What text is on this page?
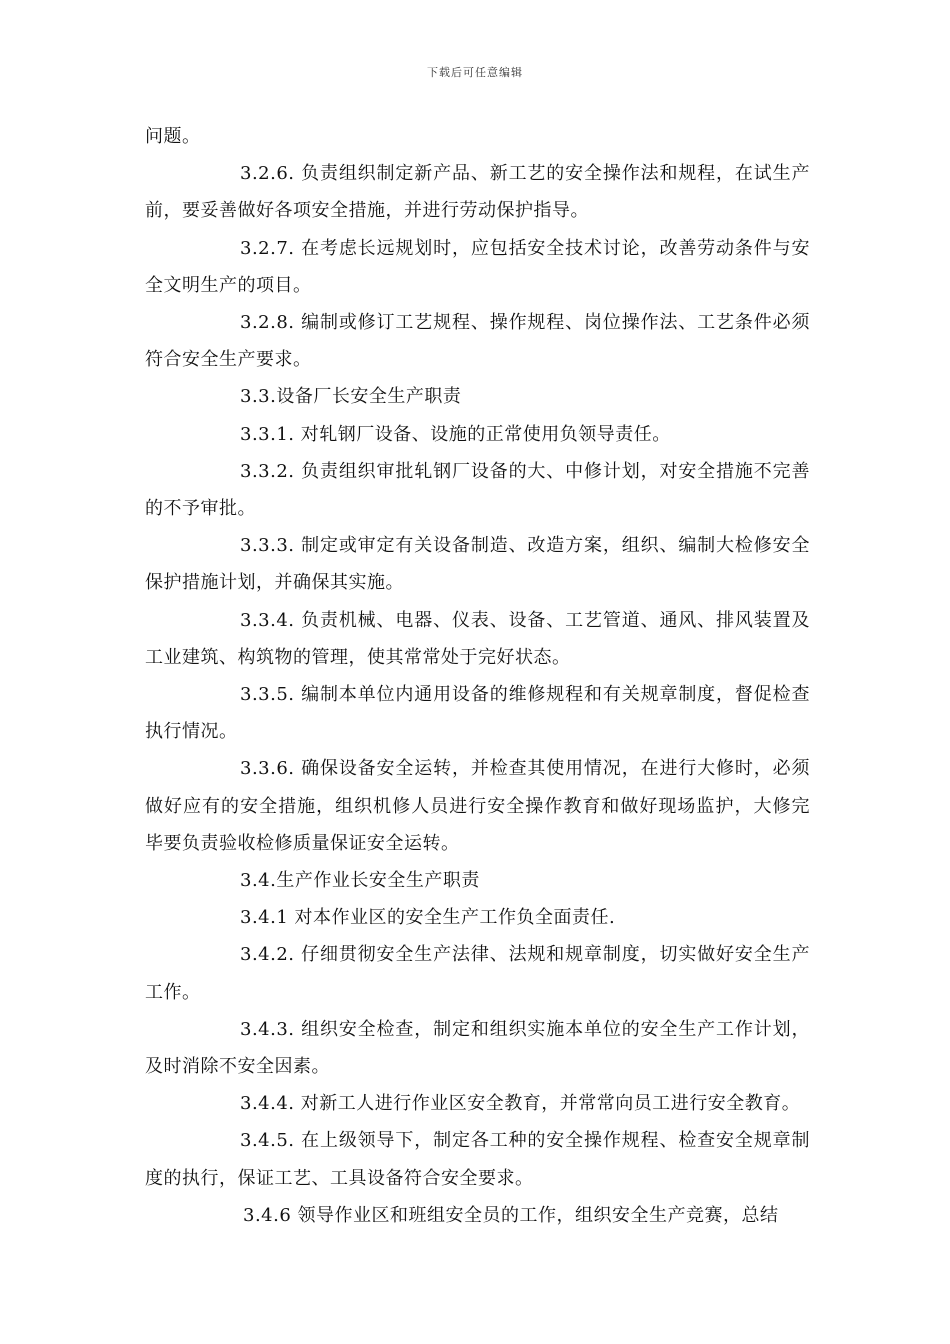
下载后可任意编辑

问题。

3.2.6. 负责组织制定新产品、新工艺的安全操作法和规程，在试生产前，要妥善做好各项安全措施，并进行劳动保护指导。

3.2.7. 在考虑长远规划时，应包括安全技术讨论，改善劳动条件与安全文明生产的项目。

3.2.8. 编制或修订工艺规程、操作规程、岗位操作法、工艺条件必须符合安全生产要求。

3.3.设备厂长安全生产职责

3.3.1. 对轧钢厂设备、设施的正常使用负领导责任。

3.3.2. 负责组织审批轧钢厂设备的大、中修计划，对安全措施不完善的不予审批。

3.3.3. 制定或审定有关设备制造、改造方案，组织、编制大检修安全保护措施计划，并确保其实施。

3.3.4. 负责机械、电器、仪表、设备、工艺管道、通风、排风装置及工业建筑、构筑物的管理，使其常常处于完好状态。

3.3.5. 编制本单位内通用设备的维修规程和有关规章制度，督促检查执行情况。

3.3.6. 确保设备安全运转，并检查其使用情况，在进行大修时，必须做好应有的安全措施，组织机修人员进行安全操作教育和做好现场监护，大修完毕要负责验收检修质量保证安全运转。

3.4.生产作业长安全生产职责

3.4.1 对本作业区的安全生产工作负全面责任.

3.4.2. 仔细贯彻安全生产法律、法规和规章制度，切实做好安全生产工作。

3.4.3. 组织安全检查，制定和组织实施本单位的安全生产工作计划，及时消除不安全因素。

3.4.4. 对新工人进行作业区安全教育，并常常向员工进行安全教育。

3.4.5. 在上级领导下，制定各工种的安全操作规程、检查安全规章制度的执行，保证工艺、工具设备符合安全要求。

3.4.6 领导作业区和班组安全员的工作，组织安全生产竞赛，总结
